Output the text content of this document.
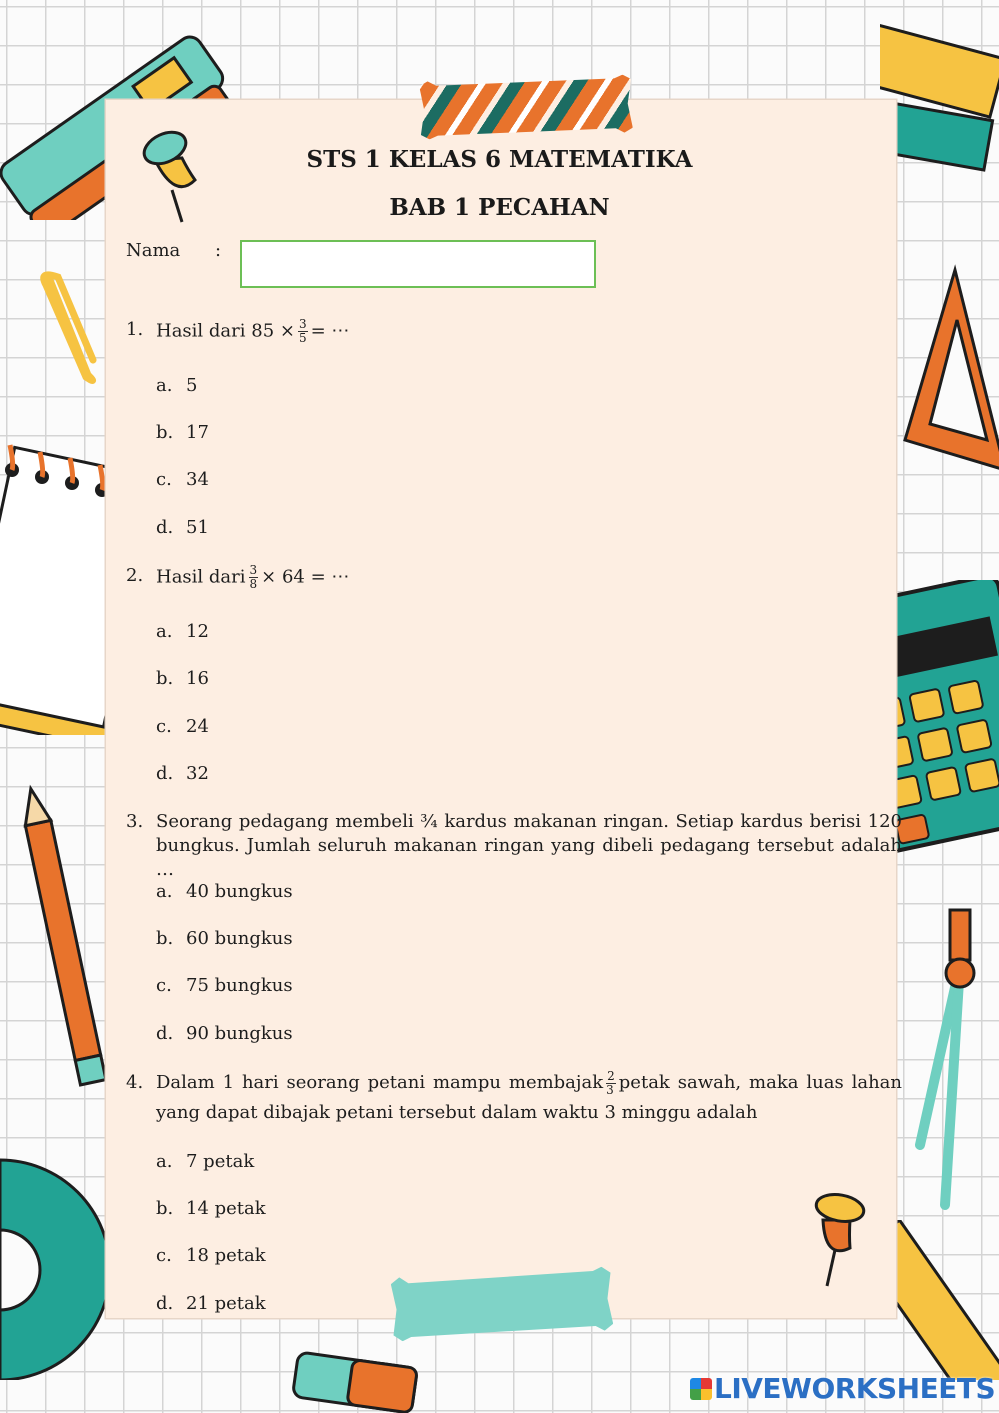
STS 1 KELAS 6 MATEMATIKA
BAB 1 PECAHAN
Nama :
1. Hasil dari $85 \times \frac{3}{5}$ = ⋯
a. 5
b. 17
c. 34
d. 51
2. Hasil dari $\frac{3}{8} \times 64$ = ⋯
a. 12
b. 16
c. 24
d. 32
3. Seorang pedagang membeli ¾ kardus makanan ringan. Setiap kardus berisi 120 bungkus. Jumlah seluruh makanan ringan yang dibeli pedagang tersebut adalah …
a. 40 bungkus
b. 60 bungkus
c. 75 bungkus
d. 90 bungkus
4. Dalam 1 hari seorang petani mampu membajak $\frac{2}{3}$ petak sawah, maka luas lahan yang dapat dibajak petani tersebut dalam waktu 3 minggu adalah
a. 7 petak
b. 14 petak
c. 18 petak
d. 21 petak
LIVEWORKSHEETS
